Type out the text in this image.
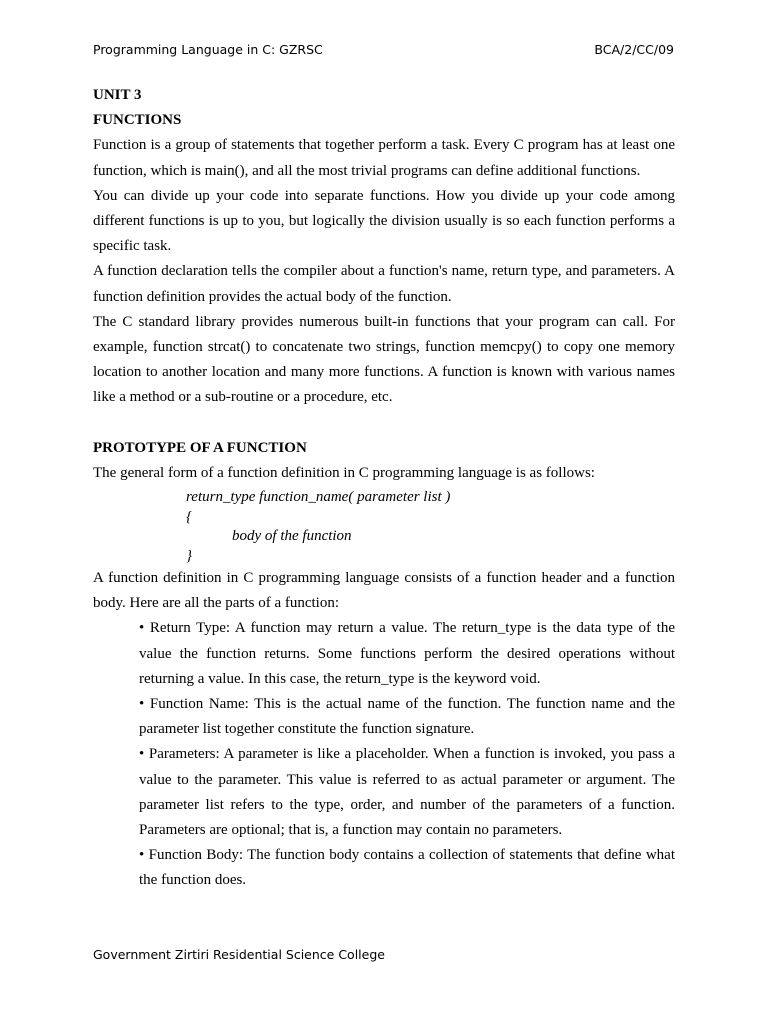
Programming Language in C: GZRSC	BCA/2/CC/09

UNIT 3

FUNCTIONS

Function is a group of statements that together perform a task. Every C program has at least one function, which is main(), and all the most trivial programs can define additional functions.

You can divide up your code into separate functions. How you divide up your code among different functions is up to you, but logically the division usually is so each function performs a specific task.

A function declaration tells the compiler about a function's name, return type, and parameters. A function definition provides the actual body of the function.

The C standard library provides numerous built-in functions that your program can call. For example, function strcat() to concatenate two strings, function memcpy() to copy one memory location to another location and many more functions. A function is known with various names like a method or a sub-routine or a procedure, etc.

PROTOTYPE OF A FUNCTION

The general form of a function definition in C programming language is as follows:

return_type function_name( parameter list )
{
body of the function
}

A function definition in C programming language consists of a function header and a function body. Here are all the parts of a function:

• Return Type: A function may return a value. The return_type is the data type of the value the function returns. Some functions perform the desired operations without returning a value. In this case, the return_type is the keyword void.

• Function Name: This is the actual name of the function. The function name and the parameter list together constitute the function signature.

• Parameters: A parameter is like a placeholder. When a function is invoked, you pass a value to the parameter. This value is referred to as actual parameter or argument. The parameter list refers to the type, order, and number of the parameters of a function. Parameters are optional; that is, a function may contain no parameters.

• Function Body: The function body contains a collection of statements that define what the function does.

Government Zirtiri Residential Science College
